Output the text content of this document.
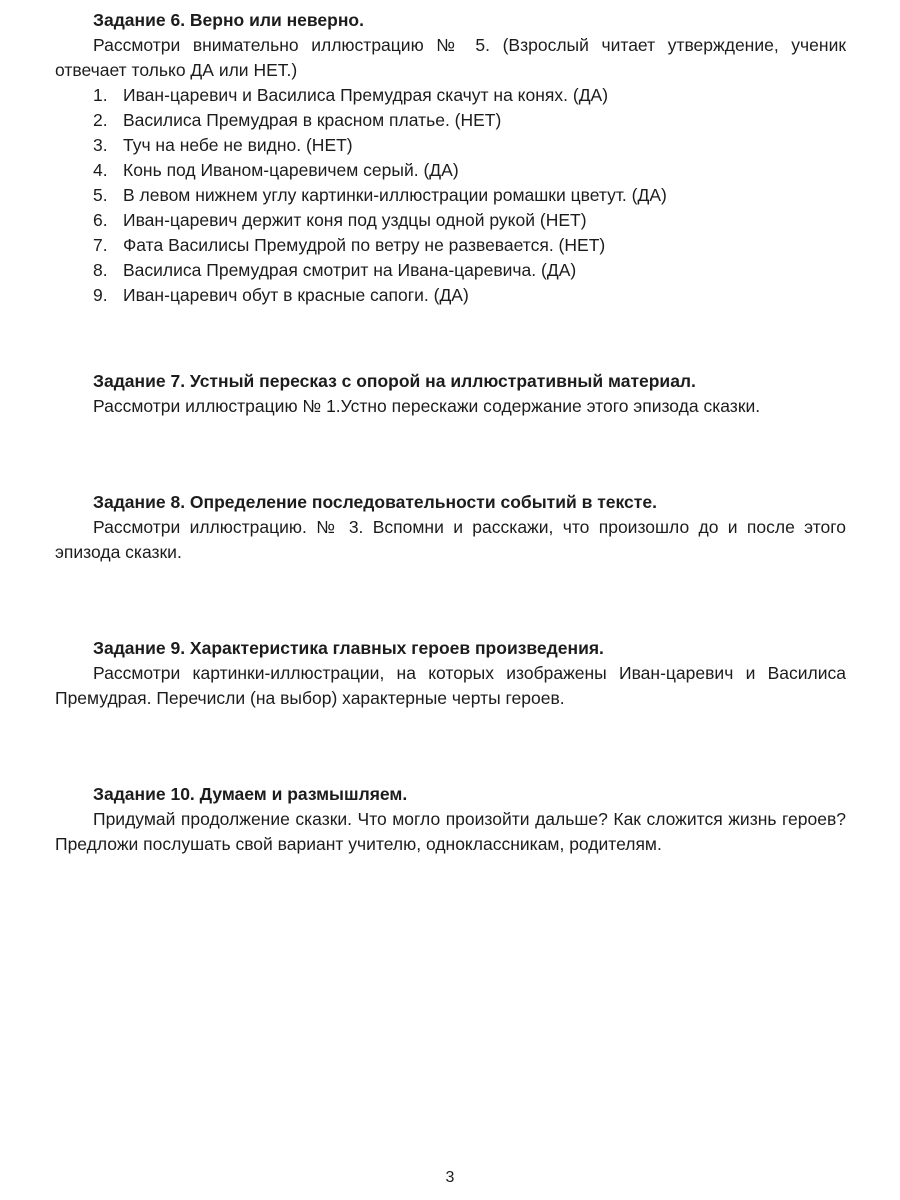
Задание 6. Верно или неверно.

Рассмотри внимательно иллюстрацию № 5. (Взрослый читает утверждение, ученик отвечает только ДА или НЕТ.)

1. Иван-царевич и Василиса Премудрая скачут на конях. (ДА)
2. Василиса Премудрая в красном платье. (НЕТ)
3. Туч на небе не видно. (НЕТ)
4. Конь под Иваном-царевичем серый. (ДА)
5. В левом нижнем углу картинки-иллюстрации ромашки цветут. (ДА)
6. Иван-царевич держит коня под уздцы одной рукой (НЕТ)
7. Фата Василисы Премудрой по ветру не развевается. (НЕТ)
8. Василиса Премудрая смотрит на Ивана-царевича. (ДА)
9. Иван-царевич обут в красные сапоги. (ДА)

Задание 7. Устный пересказ с опорой на иллюстративный материал.

Рассмотри иллюстрацию № 1.Устно перескажи содержание этого эпизода сказки.

Задание 8. Определение последовательности событий в тексте.

Рассмотри иллюстрацию. № 3. Вспомни и расскажи, что произошло до и после этого эпизода сказки.

Задание 9. Характеристика главных героев произведения.

Рассмотри картинки-иллюстрации, на которых изображены Иван-царевич и Василиса Премудрая. Перечисли (на выбор) характерные черты героев.

Задание 10. Думаем и размышляем.

Придумай продолжение сказки. Что могло произойти дальше? Как сложится жизнь героев? Предложи послушать свой вариант учителю, одноклассникам, родителям.

3
